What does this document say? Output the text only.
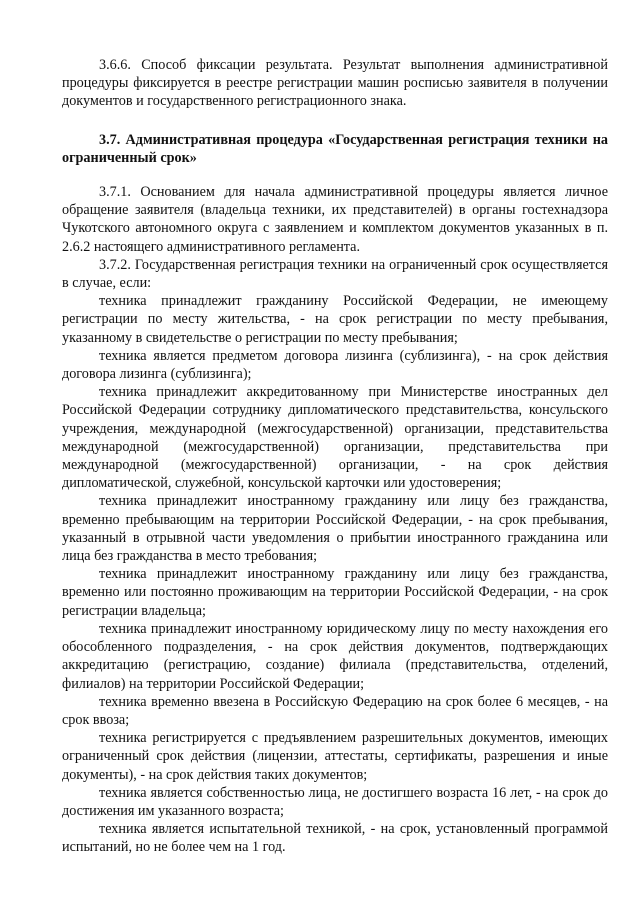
3.6.6. Способ фиксации результата. Результат выполнения административной процедуры фиксируется в реестре регистрации машин росписью заявителя в получении документов и государственного регистрационного знака.

3.7. Административная процедура «Государственная регистрация техники на ограниченный срок»

3.7.1. Основанием для начала административной процедуры является личное обращение заявителя (владельца техники, их представителей) в органы гостехнадзора Чукотского автономного округа с заявлением и комплектом документов указанных в п. 2.6.2 настоящего административного регламента.

3.7.2. Государственная регистрация техники на ограниченный срок осуществляется в случае, если:

техника принадлежит гражданину Российской Федерации, не имеющему регистрации по месту жительства, - на срок регистрации по месту пребывания, указанному в свидетельстве о регистрации по месту пребывания;

техника является предметом договора лизинга (сублизинга), - на срок действия договора лизинга (сублизинга);

техника принадлежит аккредитованному при Министерстве иностранных дел Российской Федерации сотруднику дипломатического представительства, консульского учреждения, международной (межгосударственной) организации, представительства международной (межгосударственной) организации, представительства при международной (межгосударственной) организации, - на срок действия дипломатической, служебной, консульской карточки или удостоверения;

техника принадлежит иностранному гражданину или лицу без гражданства, временно пребывающим на территории Российской Федерации, - на срок пребывания, указанный в отрывной части уведомления о прибытии иностранного гражданина или лица без гражданства в место требования;

техника принадлежит иностранному гражданину или лицу без гражданства, временно или постоянно проживающим на территории Российской Федерации, - на срок регистрации владельца;

техника принадлежит иностранному юридическому лицу по месту нахождения его обособленного подразделения, - на срок действия документов, подтверждающих аккредитацию (регистрацию, создание) филиала (представительства, отделений, филиалов) на территории Российской Федерации;

техника временно ввезена в Российскую Федерацию на срок более 6 месяцев, - на срок ввоза;

техника регистрируется с предъявлением разрешительных документов, имеющих ограниченный срок действия (лицензии, аттестаты, сертификаты, разрешения и иные документы), - на срок действия таких документов;

техника является собственностью лица, не достигшего возраста 16 лет, - на срок до достижения им указанного возраста;

техника является испытательной техникой, - на срок, установленный программой испытаний, но не более чем на 1 год.
